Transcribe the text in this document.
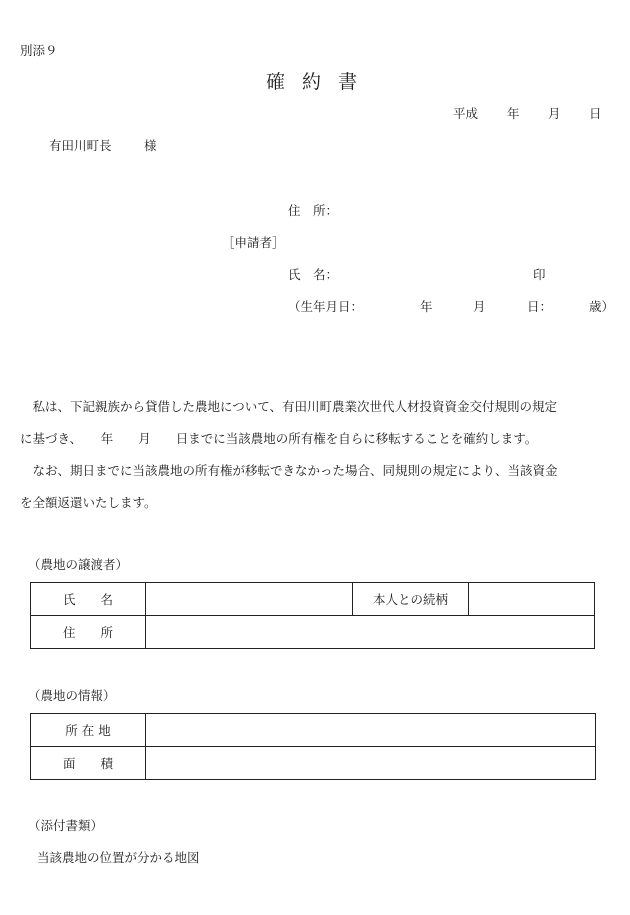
別添９
確 約 書
平成 年 月 日
有田川町長	様
住　所：
［申請者］
氏　名：	印
（生年月日：	年	月	日：	歳）
　私は、下記親族から貸借した農地について、有田川町農業次世代人材投資資金交付規則の規定
に基づき、　　年　　月　　日までに当該農地の所有権を自らに移転することを確約します。
　なお、期日までに当該農地の所有権が移転できなかった場合、同規則の規定により、当該資金
を全額返還いたします。
（農地の譲渡者）
氏　　名		本人との続柄	
住　　所			
（農地の情報）
所 在 地	
面　　積	
（添付書類）
当該農地の位置が分かる地図
